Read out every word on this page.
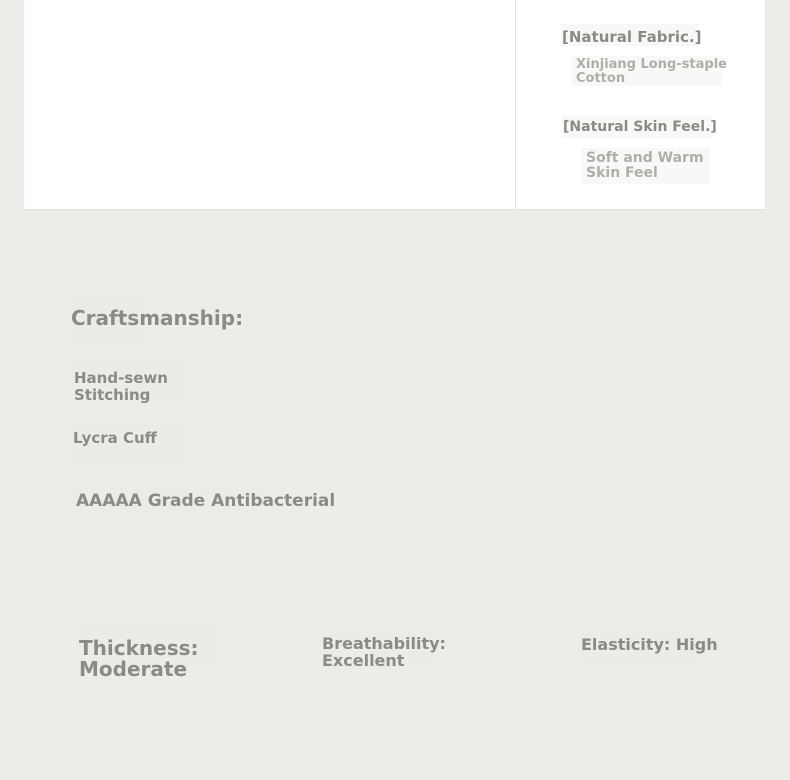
[Natural Fabric.]
Xinjiang Long-staple
Cotton
[Natural Skin Feel.]
Soft and Warm
Skin Feel
Craftsmanship:
Hand-sewn
Stitching
Lycra Cuff
AAAAA Grade Antibacterial
Thickness:
Moderate
Breathability:
Excellent
Elasticity: High
